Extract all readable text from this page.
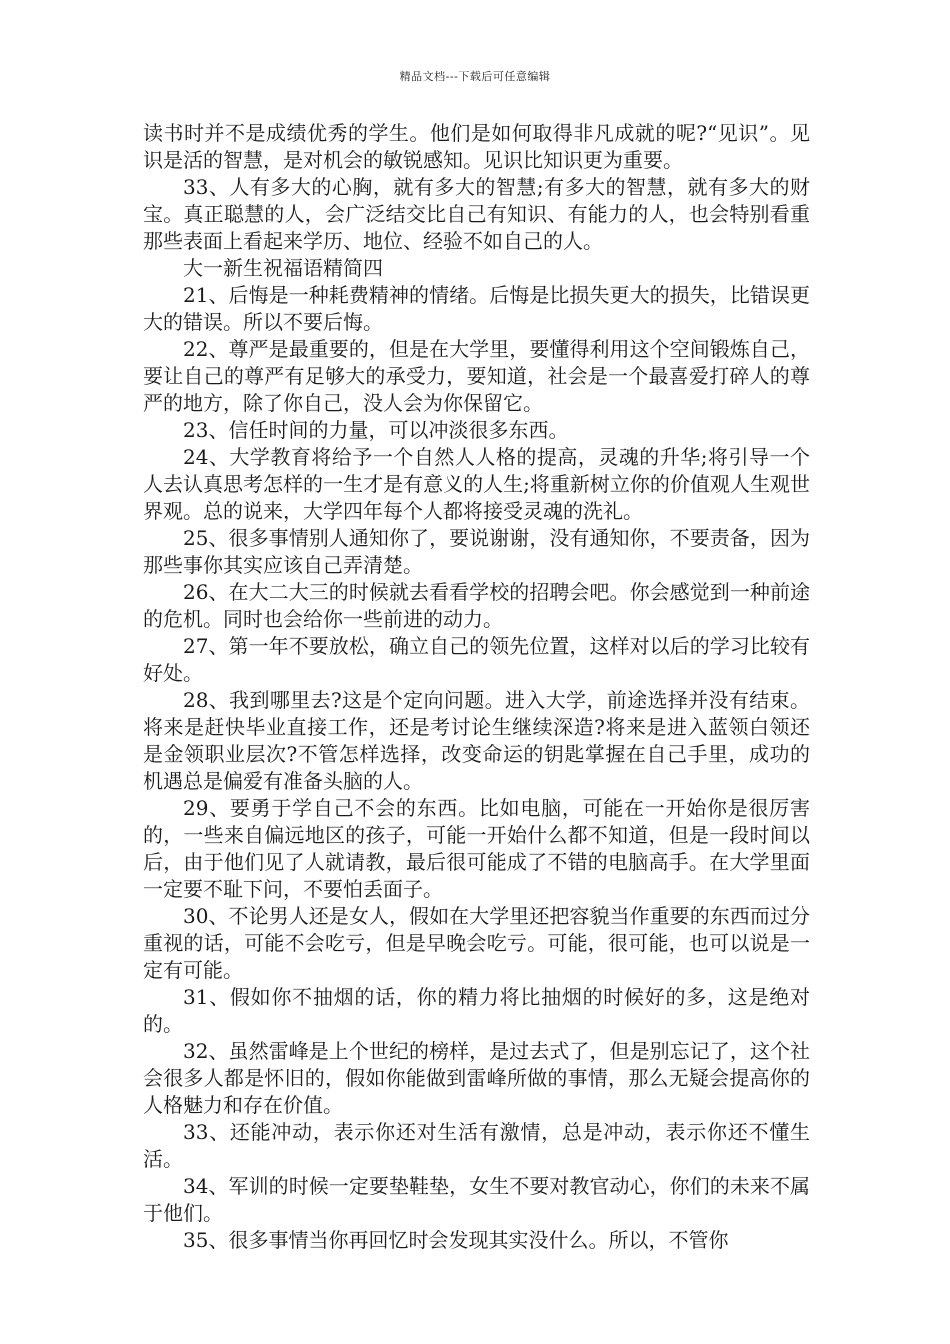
精品文档---下载后可任意编辑

读书时并不是成绩优秀的学生。他们是如何取得非凡成就的呢?“见识”。见识是活的智慧，是对机会的敏锐感知。见识比知识更为重要。

33、人有多大的心胸，就有多大的智慧;有多大的智慧，就有多大的财宝。真正聪慧的人，会广泛结交比自己有知识、有能力的人，也会特别看重那些表面上看起来学历、地位、经验不如自己的人。

大一新生祝福语精简四

21、后悔是一种耗费精神的情绪。后悔是比损失更大的损失，比错误更大的错误。所以不要后悔。

22、尊严是最重要的，但是在大学里，要懂得利用这个空间锻炼自己，要让自己的尊严有足够大的承受力，要知道，社会是一个最喜爱打碎人的尊严的地方，除了你自己，没人会为你保留它。

23、信任时间的力量，可以冲淡很多东西。

24、大学教育将给予一个自然人人格的提高，灵魂的升华;将引导一个人去认真思考怎样的一生才是有意义的人生;将重新树立你的价值观人生观世界观。总的说来，大学四年每个人都将接受灵魂的洗礼。

25、很多事情别人通知你了，要说谢谢，没有通知你，不要责备，因为那些事你其实应该自己弄清楚。

26、在大二大三的时候就去看看学校的招聘会吧。你会感觉到一种前途的危机。同时也会给你一些前进的动力。

27、第一年不要放松，确立自己的领先位置，这样对以后的学习比较有好处。

28、我到哪里去?这是个定向问题。进入大学，前途选择并没有结束。将来是赶快毕业直接工作，还是考讨论生继续深造?将来是进入蓝领白领还是金领职业层次?不管怎样选择，改变命运的钥匙掌握在自己手里，成功的机遇总是偏爱有准备头脑的人。

29、要勇于学自己不会的东西。比如电脑，可能在一开始你是很厉害的，一些来自偏远地区的孩子，可能一开始什么都不知道，但是一段时间以后，由于他们见了人就请教，最后很可能成了不错的电脑高手。在大学里面一定要不耻下问，不要怕丢面子。

30、不论男人还是女人，假如在大学里还把容貌当作重要的东西而过分重视的话，可能不会吃亏，但是早晚会吃亏。可能，很可能，也可以说是一定有可能。

31、假如你不抽烟的话，你的精力将比抽烟的时候好的多，这是绝对的。

32、虽然雷峰是上个世纪的榜样，是过去式了，但是别忘记了，这个社会很多人都是怀旧的，假如你能做到雷峰所做的事情，那么无疑会提高你的人格魅力和存在价值。

33、还能冲动，表示你还对生活有激情，总是冲动，表示你还不懂生活。

34、军训的时候一定要垫鞋垫，女生不要对教官动心，你们的未来不属于他们。

35、很多事情当你再回忆时会发现其实没什么。所以，不管你
